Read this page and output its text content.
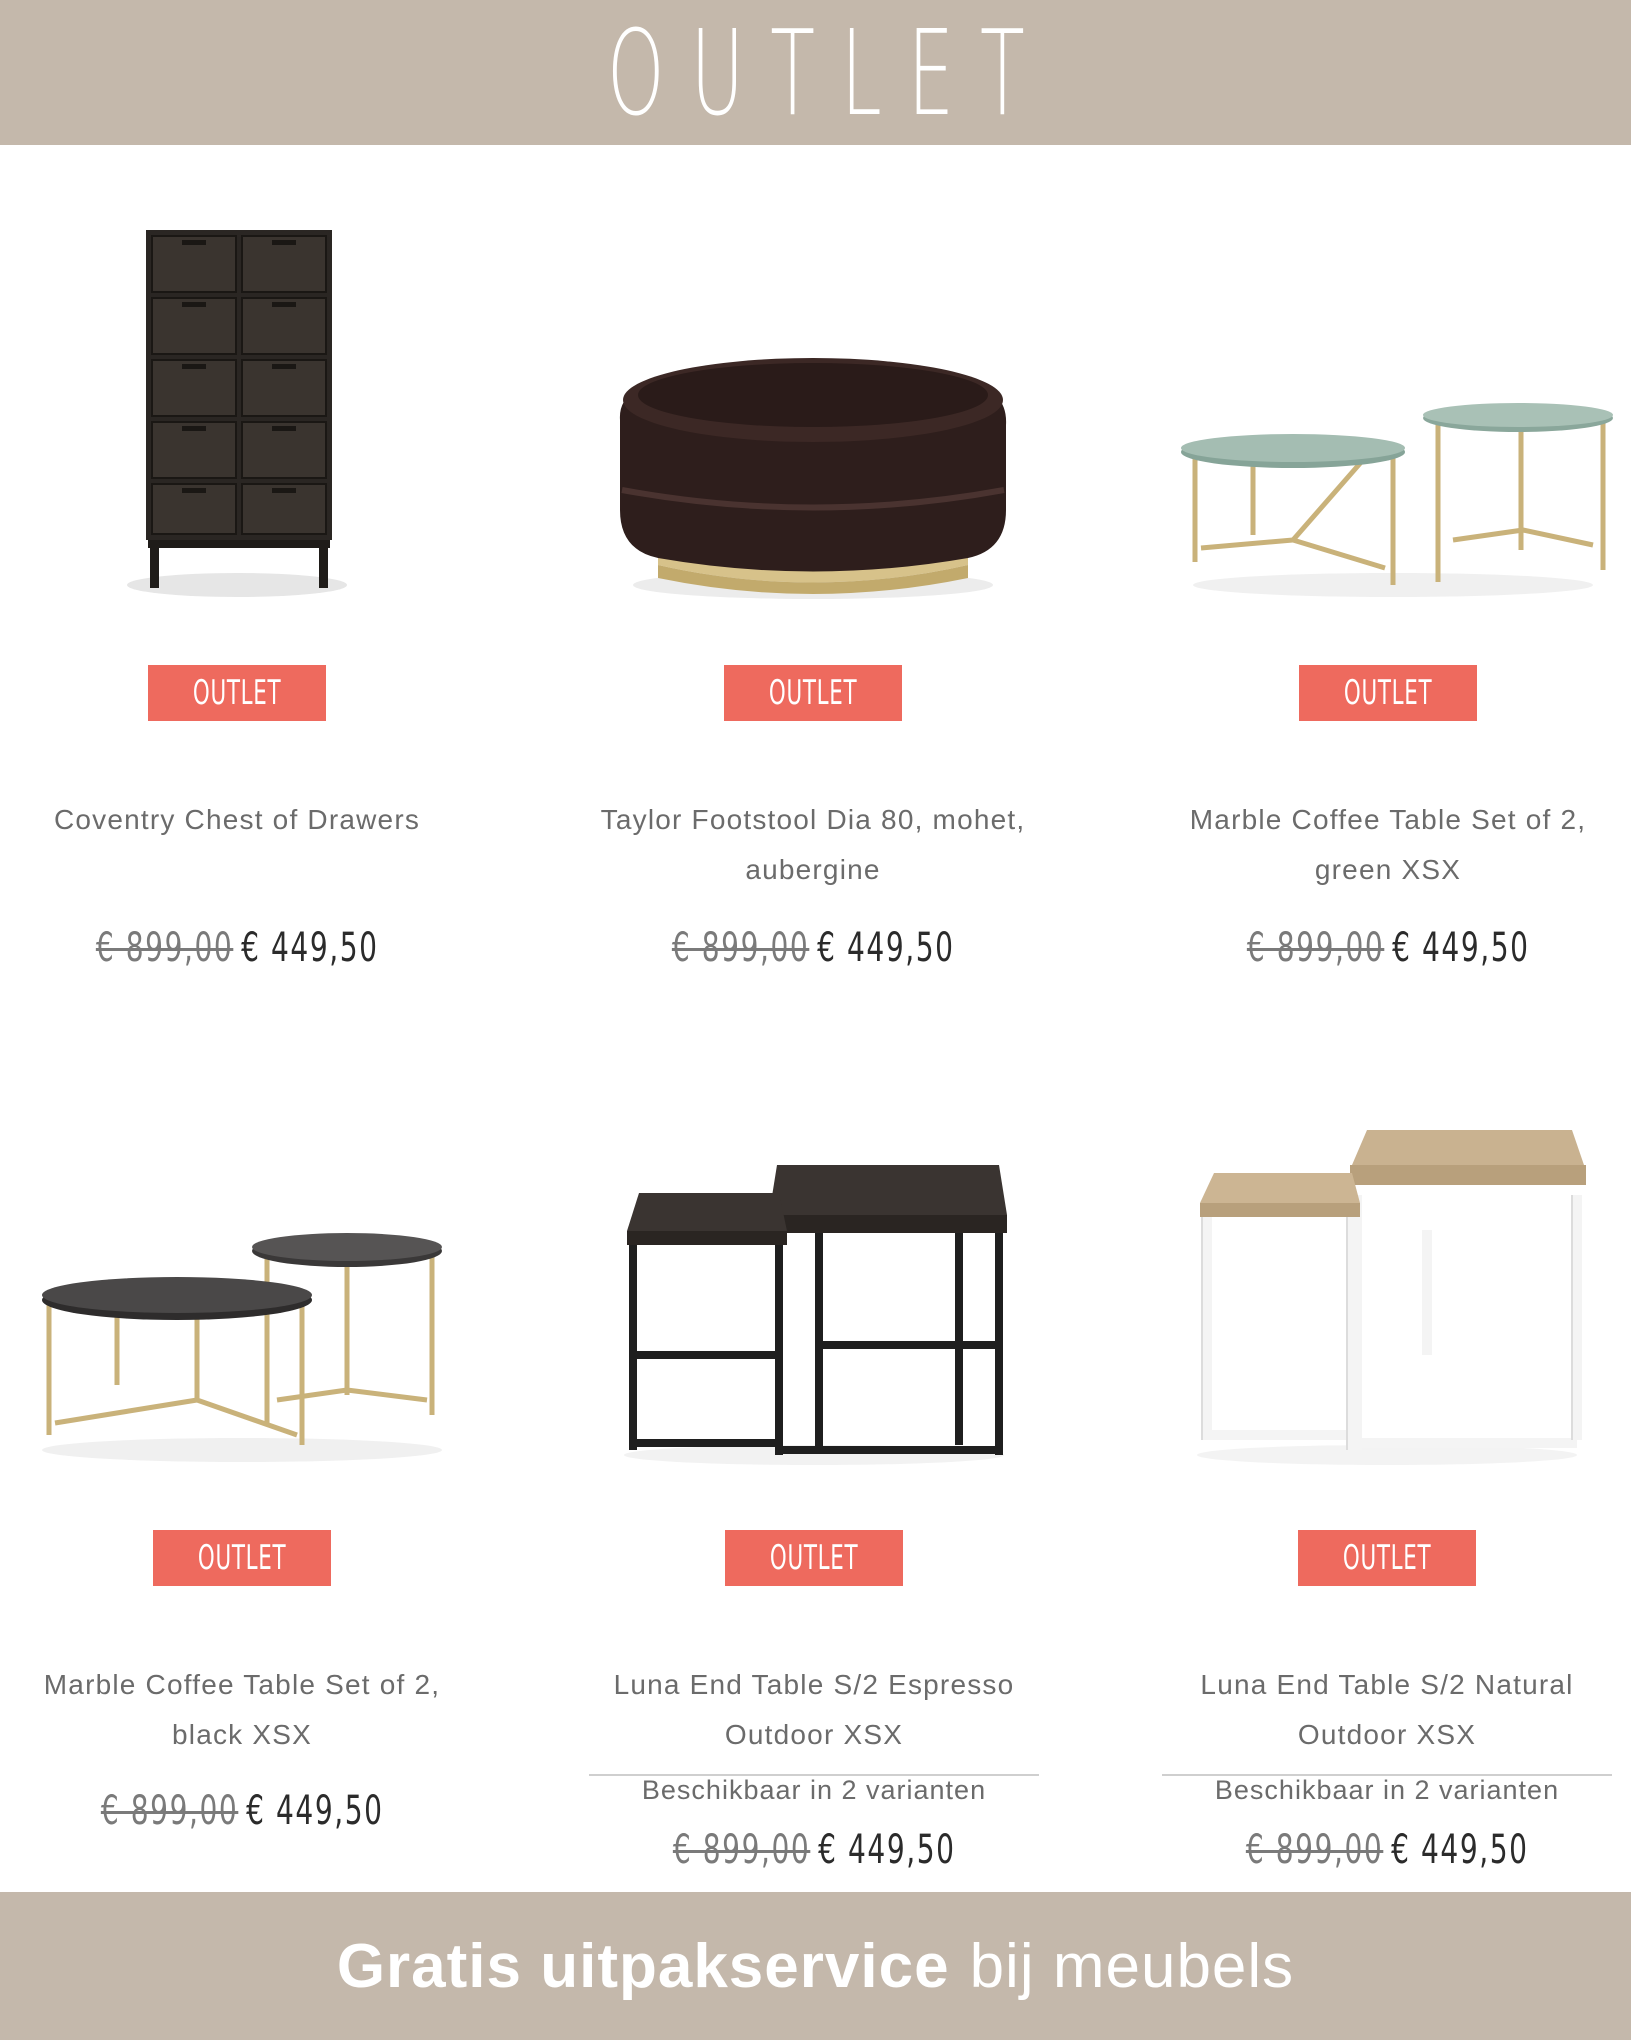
OUTLET
OUTLET
Coventry Chest of Drawers
€ 899,00 € 449,50
OUTLET
Taylor Footstool Dia 80, mohet, aubergine
€ 899,00 € 449,50
OUTLET
Marble Coffee Table Set of 2, green XSX
€ 899,00 € 449,50
OUTLET
Marble Coffee Table Set of 2, black XSX
€ 899,00 € 449,50
OUTLET
Luna End Table S/2 Espresso Outdoor XSX
Beschikbaar in 2 varianten
€ 899,00 € 449,50
OUTLET
Luna End Table S/2 Natural Outdoor XSX
Beschikbaar in 2 varianten
€ 899,00 € 449,50
Gratis uitpakservice bij meubels
